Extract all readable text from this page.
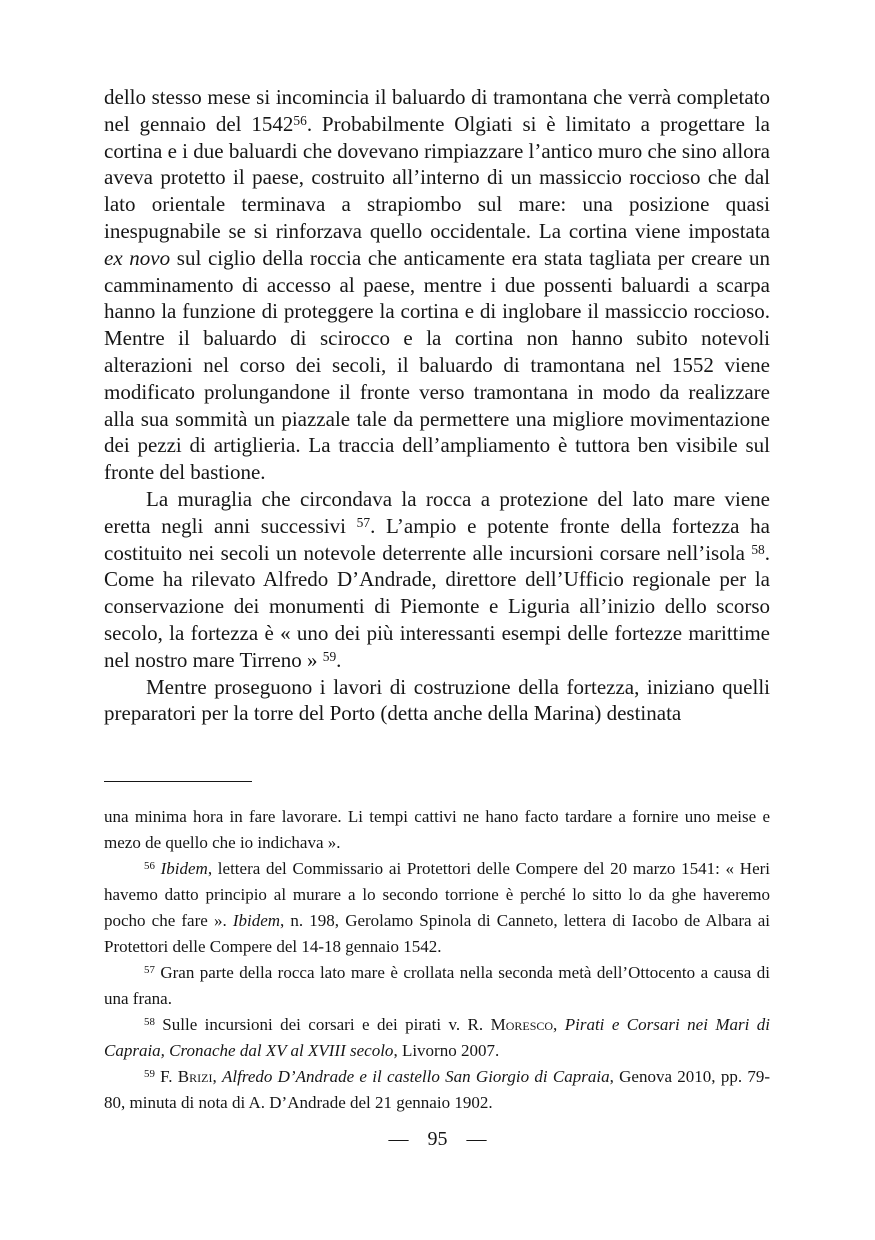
dello stesso mese si incomincia il baluardo di tramontana che verrà completato nel gennaio del 1542$^{56}$. Probabilmente Olgiati si è limitato a progettare la cortina e i due baluardi che dovevano rimpiazzare l’antico muro che sino allora aveva protetto il paese, costruito all’interno di un massiccio roccioso che dal lato orientale terminava a strapiombo sul mare: una posizione quasi inespugnabile se si rinforzava quello occidentale. La cortina viene impostata ex novo sul ciglio della roccia che anticamente era stata tagliata per creare un camminamento di accesso al paese, mentre i due possenti baluardi a scarpa hanno la funzione di proteggere la cortina e di inglobare il massiccio roccioso. Mentre il baluardo di scirocco e la cortina non hanno subito notevoli alterazioni nel corso dei secoli, il baluardo di tramontana nel 1552 viene modificato prolungandone il fronte verso tramontana in modo da realizzare alla sua sommità un piazzale tale da permettere una migliore movimentazione dei pezzi di artiglieria. La traccia dell’ampliamento è tuttora ben visibile sul fronte del bastione.

La muraglia che circondava la rocca a protezione del lato mare viene eretta negli anni successivi $^{57}$. L’ampio e potente fronte della fortezza ha costituito nei secoli un notevole deterrente alle incursioni corsare nell’isola $^{58}$. Come ha rilevato Alfredo D’Andrade, direttore dell’Ufficio regionale per la conservazione dei monumenti di Piemonte e Liguria all’inizio dello scorso secolo, la fortezza è « uno dei più interessanti esempi delle fortezze marittime nel nostro mare Tirreno » $^{59}$.

Mentre proseguono i lavori di costruzione della fortezza, iniziano quelli preparatori per la torre del Porto (detta anche della Marina) destinata

una minima hora in fare lavorare. Li tempi cattivi ne hano facto tardare a fornire uno meise e mezo de quello che io indichava ».

$^{56}$ Ibidem, lettera del Commissario ai Protettori delle Compere del 20 marzo 1541: « Heri havemo datto principio al murare a lo secondo torrione è perché lo sitto lo da ghe haveremo pocho che fare ». Ibidem, n. 198, Gerolamo Spinola di Canneto, lettera di Iacobo de Albara ai Protettori delle Compere del 14-18 gennaio 1542.

$^{57}$ Gran parte della rocca lato mare è crollata nella seconda metà dell’Ottocento a causa di una frana.

$^{58}$ Sulle incursioni dei corsari e dei pirati v. R. Moresco, Pirati e Corsari nei Mari di Capraia, Cronache dal XV al XVIII secolo, Livorno 2007.

$^{59}$ F. Brizi, Alfredo D’Andrade e il castello San Giorgio di Capraia, Genova 2010, pp. 79-80, minuta di nota di A. D’Andrade del 21 gennaio 1902.

— 95 —
